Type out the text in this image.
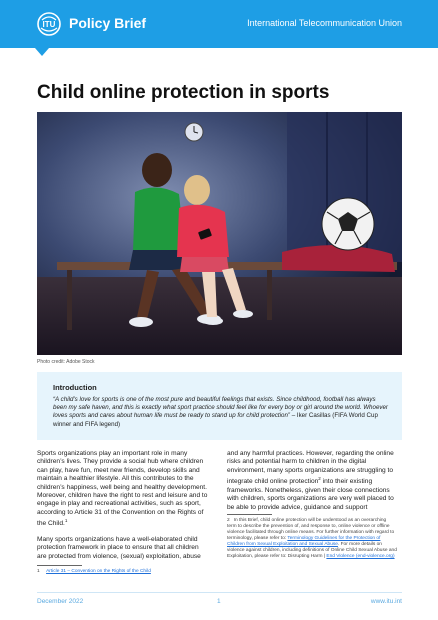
ITU Policy Brief	International Telecommunication Union
Child online protection in sports
Photo credit: Adobe Stock
Introduction
“A child’s love for sports is one of the most pure and beautiful feelings that exists. Since childhood, football has always been my safe haven, and this is exactly what sport practice should feel like for every boy or girl around the world. Whoever loves sports and cares about human life must be ready to stand up for child protection” – Iker Casillas (FIFA World Cup winner and FIFA legend)

Sports organizations play an important role in many children’s lives. They provide a social hub where children can play, have fun, meet new friends, develop skills and maintain a healthier lifestyle. All this contributes to the children’s happiness, well being and healthy development. Moreover, children have the right to rest and leisure and to engage in play and recreational activities, such as sport, according to Article 31 of the Convention on the Rights of the Child.$^1$

Many sports organizations have a well-elaborated child protection framework in place to ensure that all children are protected from violence, (sexual) exploitation, abuse

and any harmful practices. However, regarding the online risks and potential harm to children in the digital environment, many sports organizations are struggling to integrate child online protection$^2$ into their existing frameworks. Nonetheless, given their close connections with children, sports organizations are very well placed to be able to provide advice, guidance and support

1 Article 31 – Convention on the Rights of the Child
2 In this Brief, child online protection will be understood as an overarching term to describe the prevention of, and response to, online violence or offline violence facilitated through online means. For further information with regard to terminology, please refer to: Terminology Guidelines for the Protection of Children from Sexual Exploitation and Sexual Abuse. For more details on violence against children, including definitions of Online Child Sexual Abuse and Exploitation, please refer to: Disrupting Harm | End Violence (end-violence.org)
December 2022	1	www.itu.int
